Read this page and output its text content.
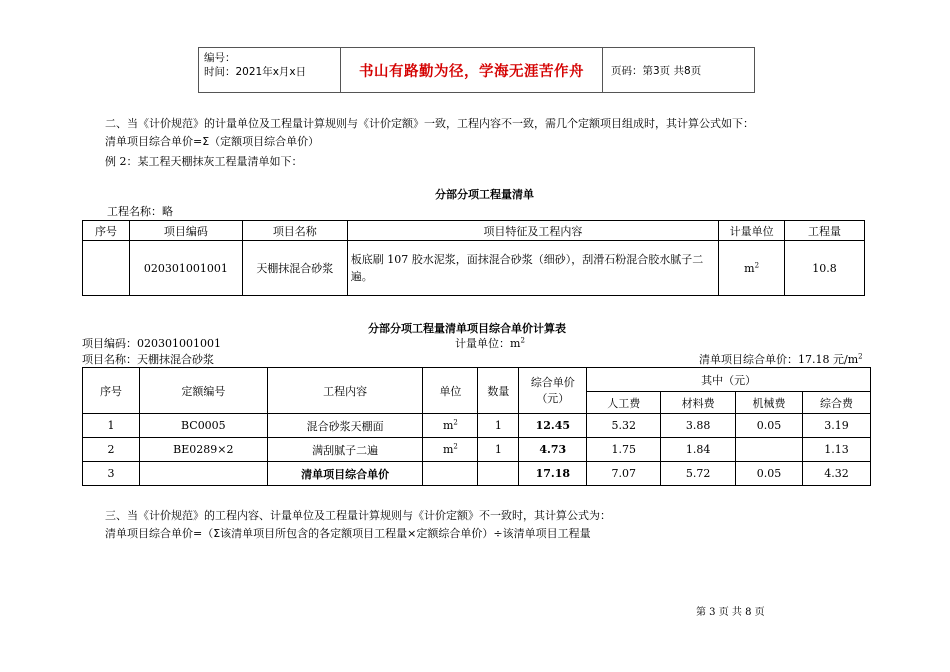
编号：
时间：2021年x月x日	书山有路勤为径，学海无涯苦作舟	页码：第3页 共8页
二、当《计价规范》的计量单位及工程量计算规则与《计价定额》一致，工程内容不一致，需几个定额项目组成时，其计算公式如下：
清单项目综合单价=Σ（定额项目综合单价）
例 2：某工程天棚抹灰工程量清单如下：
分部分项工程量清单
工程名称：略
序号	项目编码	项目名称	项目特征及工程内容	计量单位	工程量
	020301001001	天棚抹混合砂浆	板底刷 107 胶水泥浆，面抹混合砂浆（细砂），刮滑石粉混合胶水腻子二遍。	$m^2$	10.8
分部分项工程量清单项目综合单价计算表
项目编码：020301001001	计量单位：$m^2$
项目名称：天棚抹混合砂浆	清单项目综合单价：17.18 元$/m^2$
序号	定额编号	工程内容	单位	数量	综合单价
（元）	其中（元）			
						人工费	材料费	机械费	综合费
1	BC0005	混合砂浆天棚面	$m^2$	1	12.45	5.32	3.88	0.05	3.19
2	BE0289×2	满刮腻子二遍	$m^2$	1	4.73	1.75	1.84		1.13
3		清单项目综合单价			17.18	7.07	5.72	0.05	4.32
三、当《计价规范》的工程内容、计量单位及工程量计算规则与《计价定额》不一致时，其计算公式为：
清单项目综合单价=（Σ该清单项目所包含的各定额项目工程量×定额综合单价）÷该清单项目工程量
第 3 页 共 8 页
